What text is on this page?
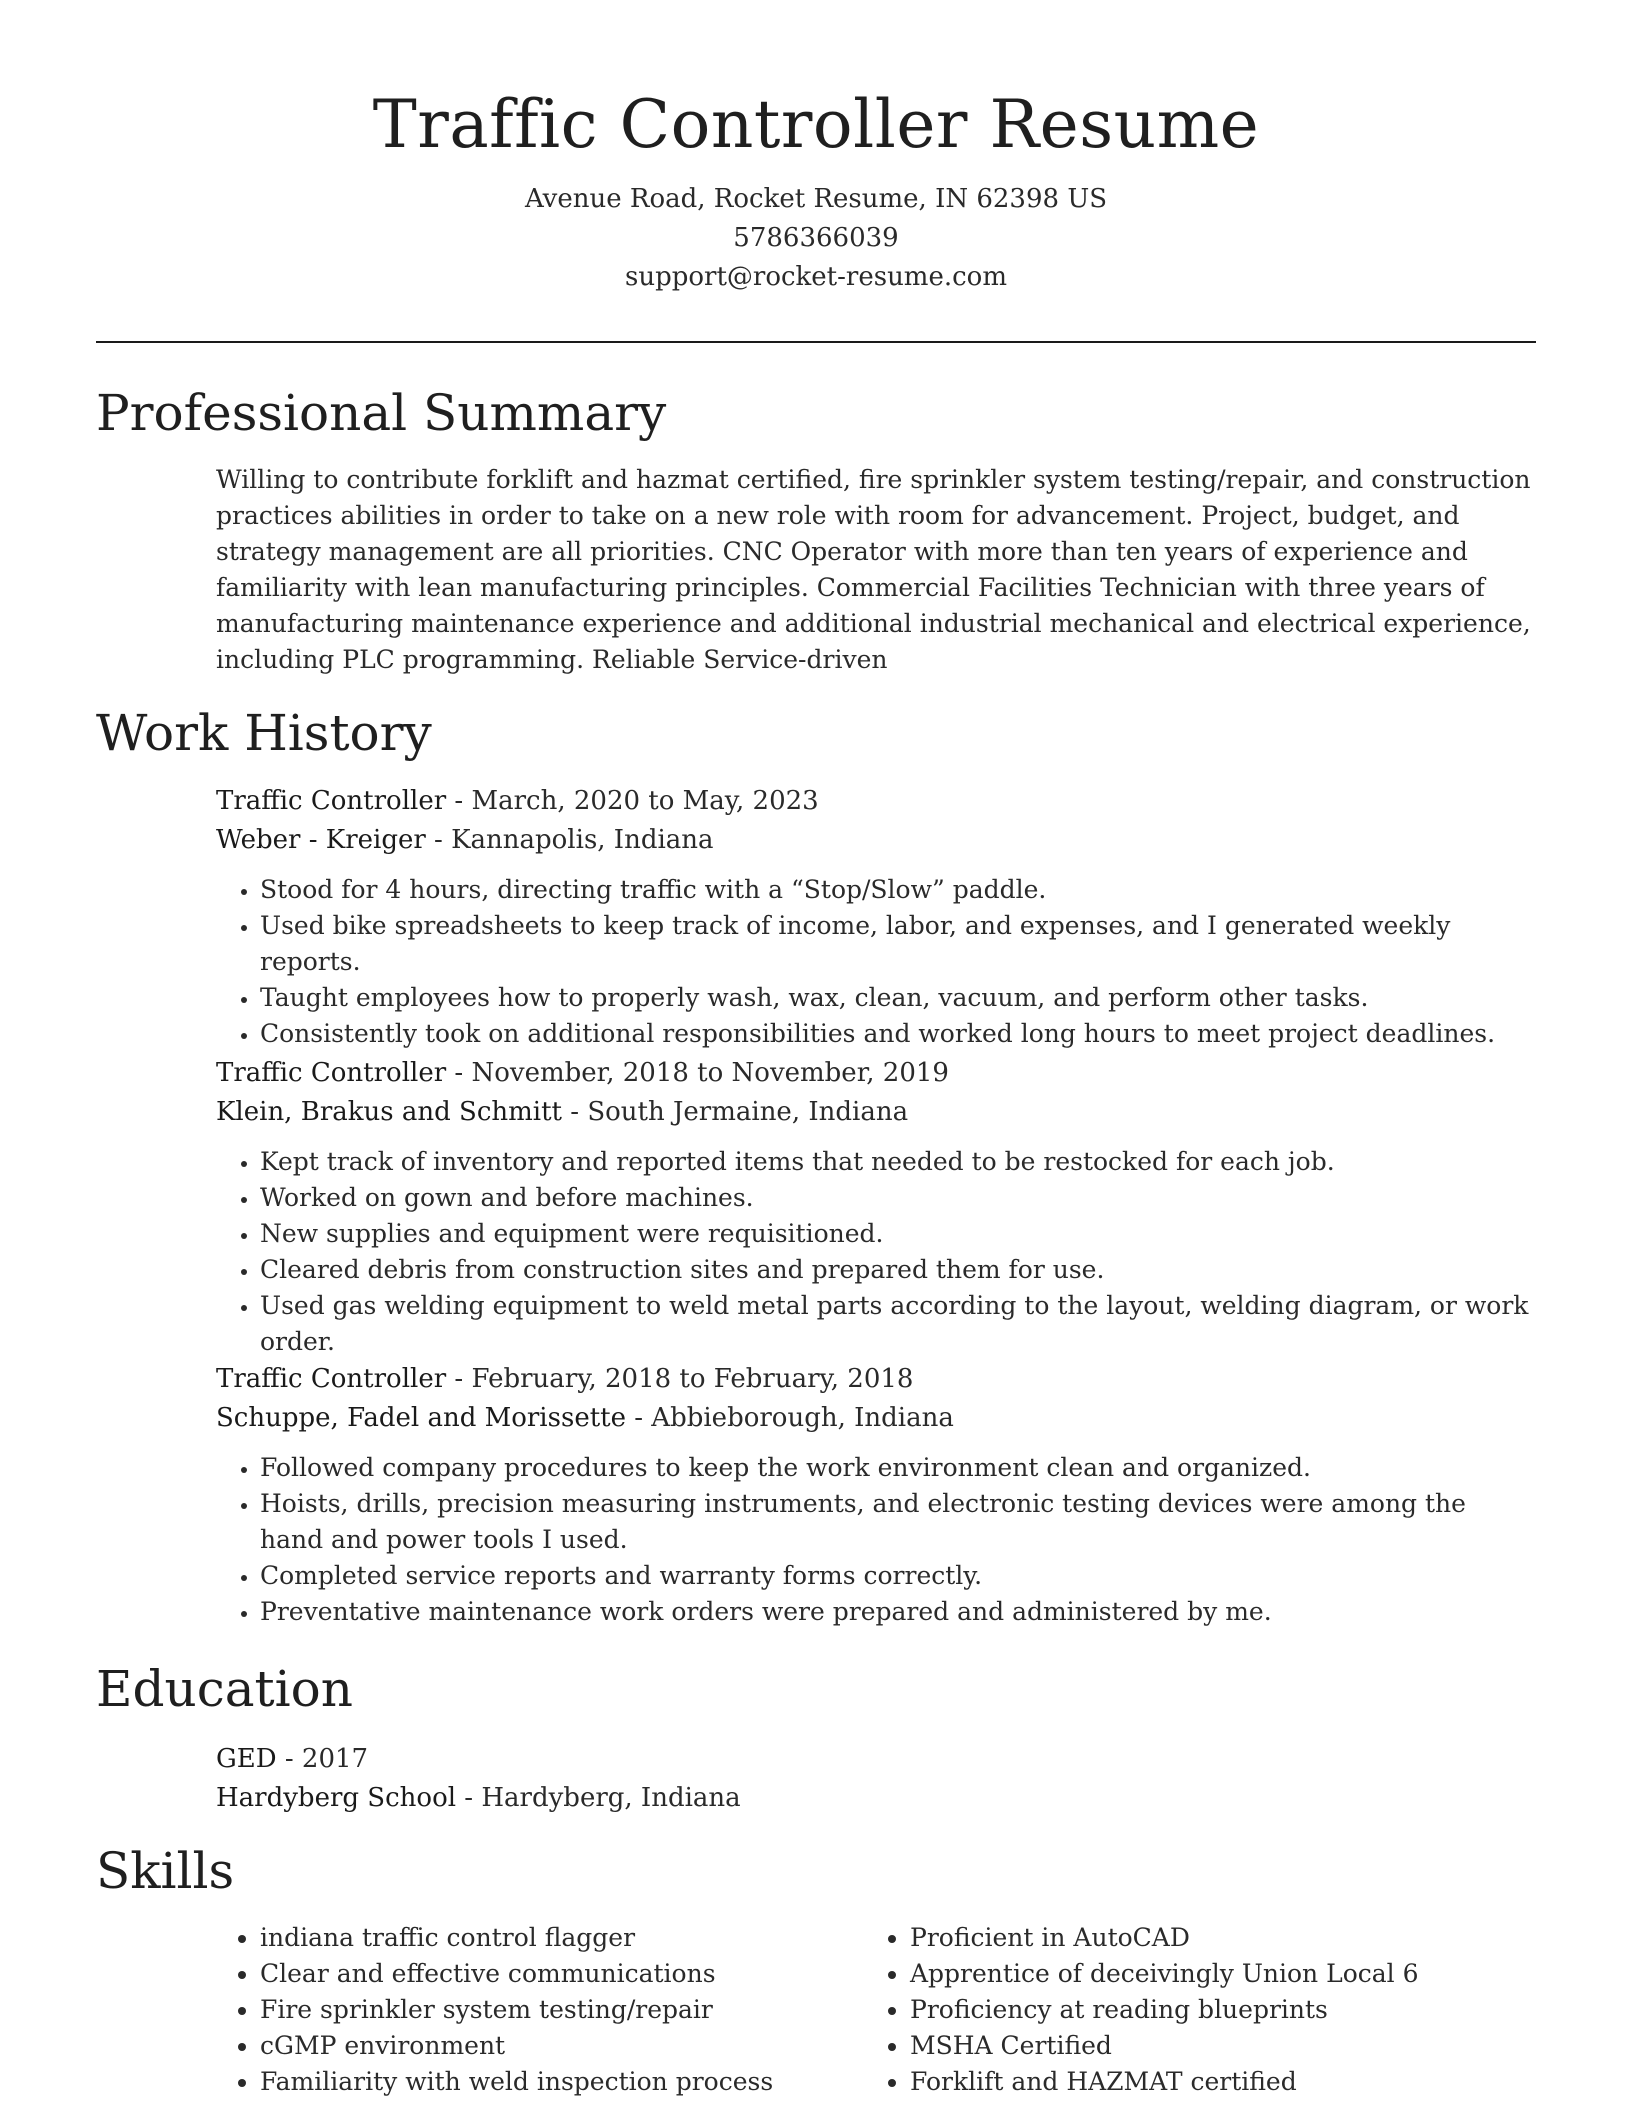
Traffic Controller Resume
Avenue Road, Rocket Resume, IN 62398 US
5786366039
support@rocket-resume.com
Professional Summary

Willing to contribute forklift and hazmat certified, fire sprinkler system testing/repair, and construction practices abilities in order to take on a new role with room for advancement. Project, budget, and strategy management are all priorities. CNC Operator with more than ten years of experience and familiarity with lean manufacturing principles. Commercial Facilities Technician with three years of manufacturing maintenance experience and additional industrial mechanical and electrical experience, including PLC programming. Reliable Service-driven

Work History

Traffic Controller - March, 2020 to May, 2023

Weber - Kreiger - Kannapolis, Indiana

• Stood for 4 hours, directing traffic with a “Stop/Slow” paddle.
• Used bike spreadsheets to keep track of income, labor, and expenses, and I generated weekly reports.
• Taught employees how to properly wash, wax, clean, vacuum, and perform other tasks.
• Consistently took on additional responsibilities and worked long hours to meet project deadlines.

Traffic Controller - November, 2018 to November, 2019

Klein, Brakus and Schmitt - South Jermaine, Indiana

• Kept track of inventory and reported items that needed to be restocked for each job.
• Worked on gown and before machines.
• New supplies and equipment were requisitioned.
• Cleared debris from construction sites and prepared them for use.
• Used gas welding equipment to weld metal parts according to the layout, welding diagram, or work order.

Traffic Controller - February, 2018 to February, 2018

Schuppe, Fadel and Morissette - Abbieborough, Indiana

• Followed company procedures to keep the work environment clean and organized.
• Hoists, drills, precision measuring instruments, and electronic testing devices were among the hand and power tools I used.
• Completed service reports and warranty forms correctly.
• Preventative maintenance work orders were prepared and administered by me.
Education

GED - 2017

Hardyberg School - Hardyberg, Indiana

Skills
• indiana traffic control flagger
• Clear and effective communications
• Fire sprinkler system testing/repair
• cGMP environment
• Familiarity with weld inspection process
• Proficient in AutoCAD
• Apprentice of deceivingly Union Local 6
• Proficiency at reading blueprints
• MSHA Certified
• Forklift and HAZMAT certified
